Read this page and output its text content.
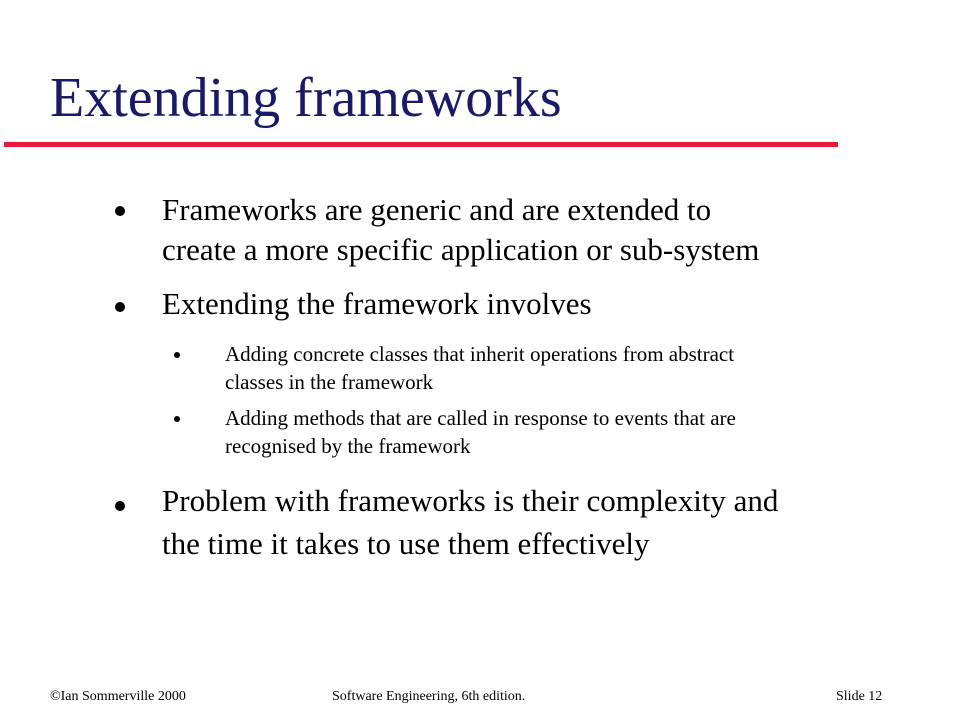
Extending frameworks
Frameworks are generic and are extended to
create a more specific application or sub-system
Extending the framework involves
Adding concrete classes that inherit operations from abstract
classes in the framework
Adding methods that are called in response to events that are
recognised by the framework
Problem with frameworks is their complexity and
the time it takes to use them effectively
©Ian Sommerville 2000	Software Engineering, 6th edition.	Slide 12
